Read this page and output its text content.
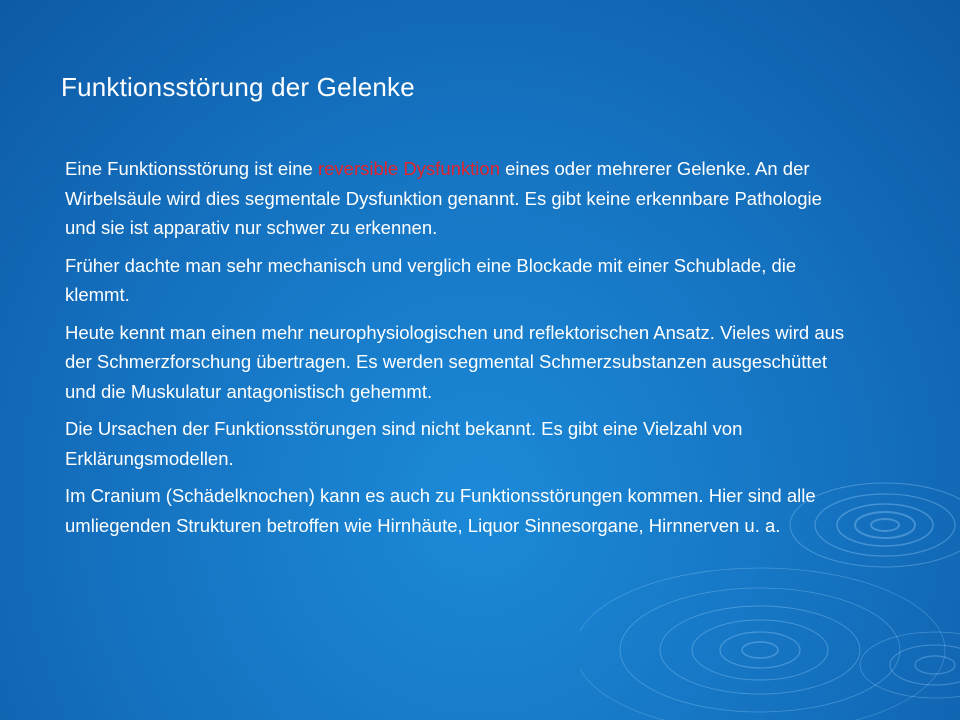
Funktionsstörung der Gelenke

Eine Funktionsstörung ist eine reversible Dysfunktion eines oder mehrerer Gelenke. An der Wirbelsäule wird dies segmentale Dysfunktion genannt. Es gibt keine erkennbare Pathologie und sie ist apparativ nur schwer zu erkennen.

Früher dachte man sehr mechanisch und verglich eine Blockade mit einer Schublade, die klemmt.

Heute kennt man einen mehr neurophysiologischen und reflektorischen Ansatz. Vieles wird aus der Schmerzforschung übertragen. Es werden segmental Schmerzsubstanzen ausgeschüttet und die Muskulatur antagonistisch gehemmt.

Die Ursachen der Funktionsstörungen sind nicht bekannt. Es gibt eine Vielzahl von Erklärungsmodellen.

Im Cranium (Schädelknochen) kann es auch zu Funktionsstörungen kommen. Hier sind alle umliegenden Strukturen betroffen wie Hirnhäute, Liquor Sinnesorgane, Hirnnerven u. a.
